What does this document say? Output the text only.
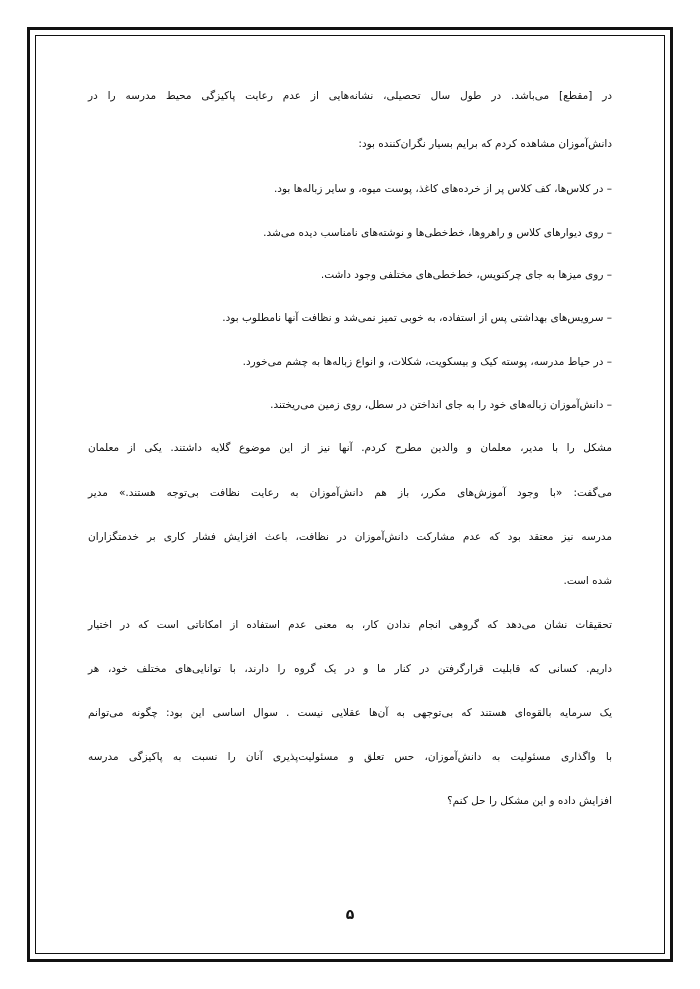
در [مقطع] می‌باشد. در طول سال تحصیلی، نشانه‌هایی از عدم رعایت پاکیزگی محیط مدرسه را در
دانش‌آموزان مشاهده کردم که برایم بسیار نگران‌کننده بود:
– در کلاس‌ها، کف کلاس پر از خرده‌های کاغذ، پوست میوه، و سایر زباله‌ها بود.
– روی دیوارهای کلاس و راهروها، خط‌خطی‌ها و نوشته‌های نامناسب دیده می‌شد.
– روی میزها به جای چرکنویس، خط‌خطی‌های مختلفی وجود داشت.
– سرویس‌های بهداشتی پس از استفاده، به خوبی تمیز نمی‌شد و نظافت آنها نامطلوب بود.
– در حیاط مدرسه، پوسته کیک و بیسکویت، شکلات، و انواع زباله‌ها به چشم می‌خورد.
– دانش‌آموزان زباله‌های خود را به جای انداختن در سطل، روی زمین می‌ریختند.
مشکل را با مدیر، معلمان و والدین مطرح کردم. آنها نیز از این موضوع گلایه داشتند. یکی از معلمان
می‌گفت: «با وجود آموزش‌های مکرر، باز هم دانش‌آموزان به رعایت نظافت بی‌توجه هستند.» مدیر
مدرسه نیز معتقد بود که عدم مشارکت دانش‌آموزان در نظافت، باعث افزایش فشار کاری بر خدمتگزاران
شده است.
تحقیقات نشان می‌دهد که گروهی انجام ندادن کار، به معنی عدم استفاده از امکاناتی است که در اختیار
داریم. کسانی که قابلیت قرارگرفتن در کنار ما و در یک گروه را دارند، با توانایی‌های مختلف خود، هر
یک سرمایه بالقوه‌ای هستند که بی‌توجهی به آن‌ها عقلایی نیست . سوال اساسی این بود: چگونه می‌توانم
با واگذاری مسئولیت به دانش‌آموزان، حس تعلق و مسئولیت‌پذیری آنان را نسبت به پاکیزگی مدرسه
افزایش داده و این مشکل را حل کنم؟
۵
